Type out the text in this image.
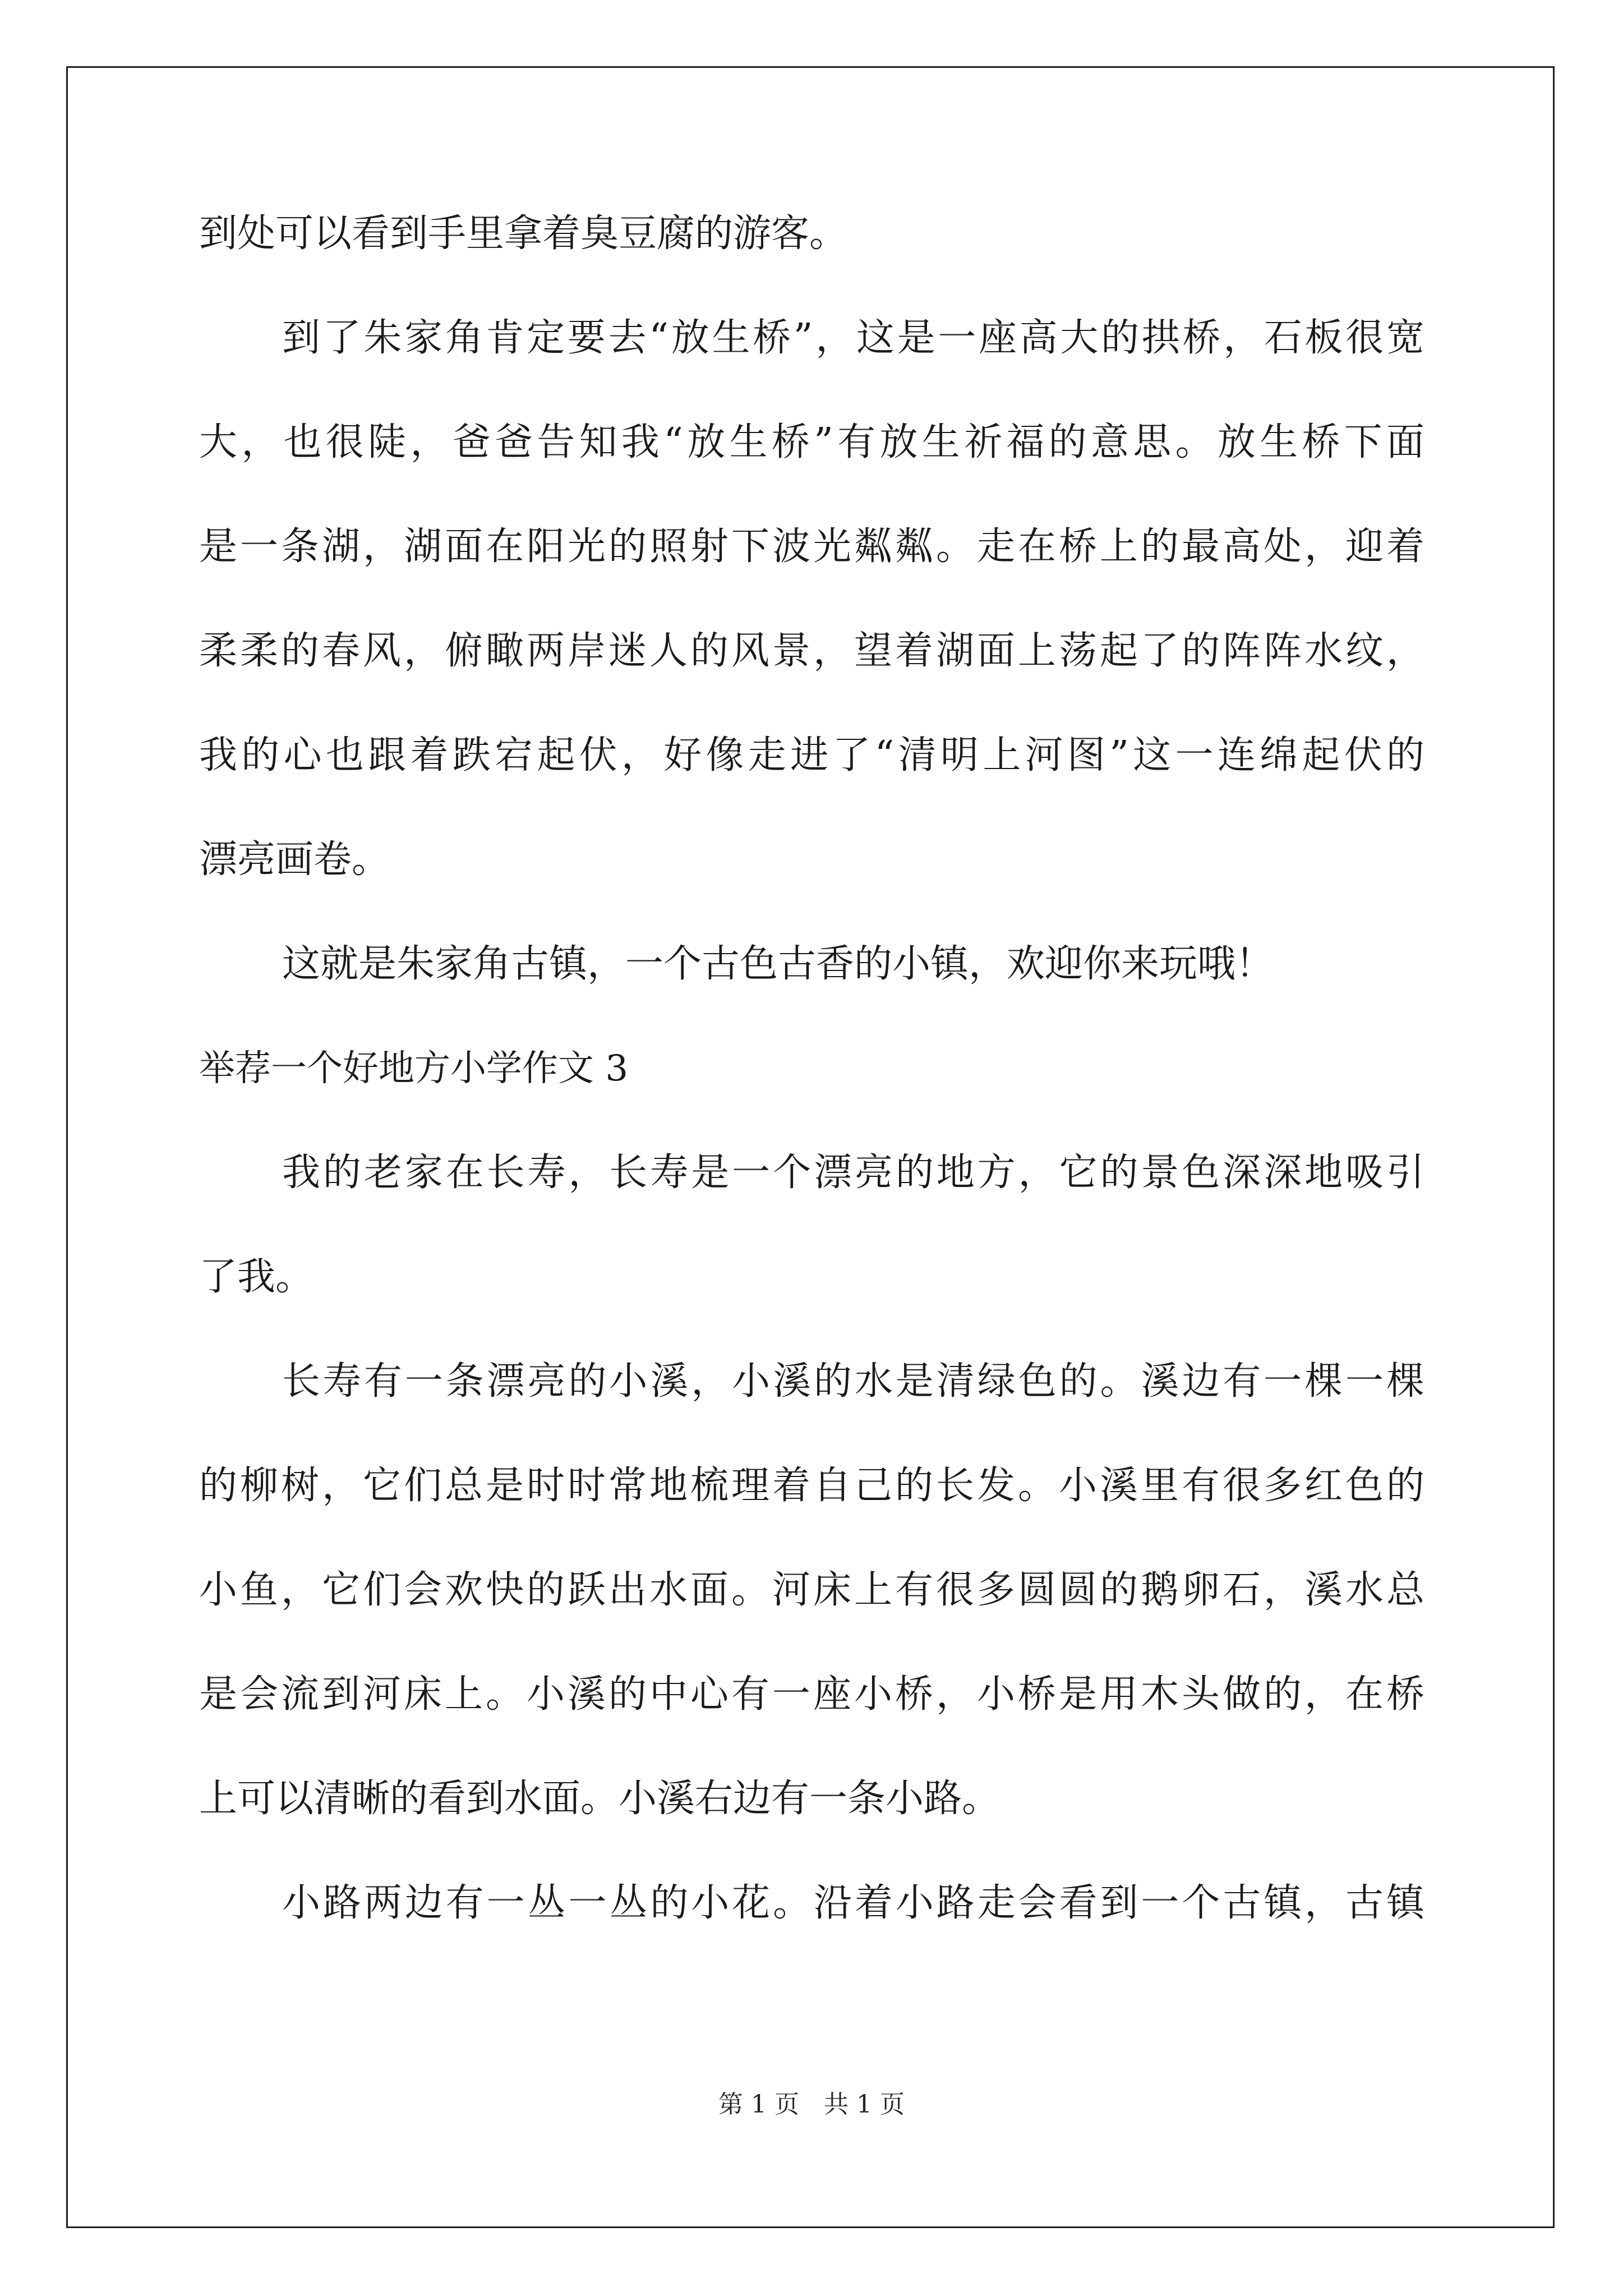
到处可以看到手里拿着臭豆腐的游客。
到了朱家角肯定要去“放生桥”，这是一座高大的拱桥，石板很宽
大，也很陡，爸爸告知我“放生桥”有放生祈福的意思。放生桥下面
是一条湖，湖面在阳光的照射下波光粼粼。走在桥上的最高处，迎着
柔柔的春风，俯瞰两岸迷人的风景，望着湖面上荡起了的阵阵水纹，
我的心也跟着跌宕起伏，好像走进了“清明上河图”这一连绵起伏的
漂亮画卷。
这就是朱家角古镇，一个古色古香的小镇，欢迎你来玩哦！
举荐一个好地方小学作文 3
我的老家在长寿，长寿是一个漂亮的地方，它的景色深深地吸引
了我。
长寿有一条漂亮的小溪，小溪的水是清绿色的。溪边有一棵一棵
的柳树，它们总是时时常地梳理着自己的长发。小溪里有很多红色的
小鱼，它们会欢快的跃出水面。河床上有很多圆圆的鹅卵石，溪水总
是会流到河床上。小溪的中心有一座小桥，小桥是用木头做的，在桥
上可以清晰的看到水面。小溪右边有一条小路。
小路两边有一丛一丛的小花。沿着小路走会看到一个古镇，古镇
第 1 页　共 1 页
